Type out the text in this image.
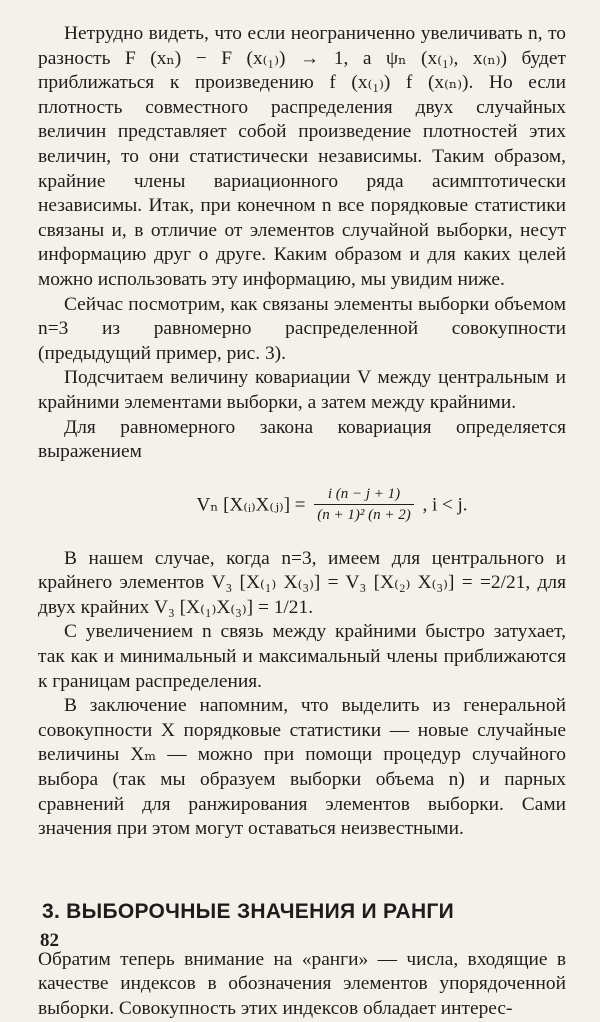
Нетрудно видеть, что если неограниченно увеличивать n, то разность F (xₙ) − F (x₍₁₎) → 1, а ψₙ (x₍₁₎, x₍ₙ₎) будет приближаться к произведению f (x₍₁₎) f (x₍ₙ₎). Но если плотность совместного распределения двух случайных величин представляет собой произведение плотностей этих величин, то они статистически независимы. Таким образом, крайние члены вариационного ряда асимптотически независимы. Итак, при конечном n все порядковые статистики связаны и, в отличие от элементов случайной выборки, несут информацию друг о друге. Каким образом и для каких целей можно использовать эту информацию, мы увидим ниже.

Сейчас посмотрим, как связаны элементы выборки объемом n=3 из равномерно распределенной совокупности (предыдущий пример, рис. 3).

Подсчитаем величину ковариации V между центральным и крайними элементами выборки, а затем между крайними.

Для равномерного закона ковариация определяется выражением

Vₙ [X₍ᵢ₎X₍ⱼ₎] = $\frac{i (n - j + 1)}{\text{(n + 1)² (n + 2)}}$ , i < j.

В нашем случае, когда n=3, имеем для центрального и крайнего элементов V₃ [X₍₁₎ X₍₃₎] = V₃ [X₍₂₎ X₍₃₎] = =2/21, для двух крайних V₃ [X₍₁₎X₍₃₎] = 1/21.

С увеличением n связь между крайними быстро затухает, так как и минимальный и максимальный члены приближаются к границам распределения.

В заключение напомним, что выделить из генеральной совокупности X порядковые статистики — новые случайные величины Xₘ — можно при помощи процедур случайного выбора (так мы образуем выборки объема n) и парных сравнений для ранжирования элементов выборки. Сами значения при этом могут оставаться неизвестными.

3. ВЫБОРОЧНЫЕ ЗНАЧЕНИЯ И РАНГИ

Обратим теперь внимание на «ранги» — числа, входящие в качестве индексов в обозначения элементов упорядоченной выборки. Совокупность этих индексов обладает интерес-

82
